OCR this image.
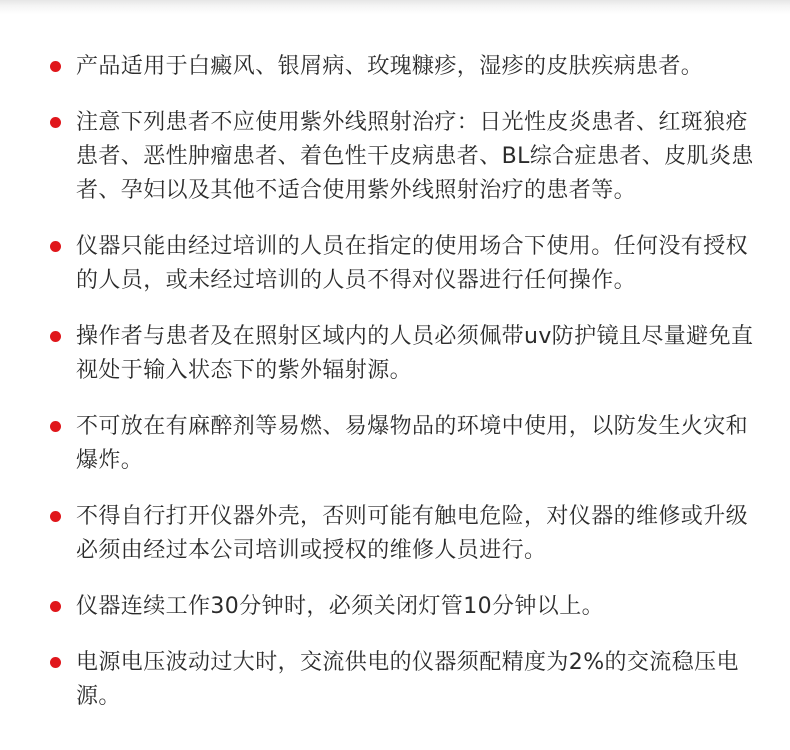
产品适用于白癜风、银屑病、玫瑰糠疹，湿疹的皮肤疾病患者。
注意下列患者不应使用紫外线照射治疗：日光性皮炎患者、红斑狼疮患者、恶性肿瘤患者、着色性干皮病患者、BL综合症患者、皮肌炎患者、孕妇以及其他不适合使用紫外线照射治疗的患者等。
仪器只能由经过培训的人员在指定的使用场合下使用。任何没有授权的人员，或未经过培训的人员不得对仪器进行任何操作。
操作者与患者及在照射区域内的人员必须佩带uv防护镜且尽量避免直视处于输入状态下的紫外辐射源。
不可放在有麻醉剂等易燃、易爆物品的环境中使用，以防发生火灾和爆炸。
不得自行打开仪器外壳，否则可能有触电危险，对仪器的维修或升级必须由经过本公司培训或授权的维修人员进行。
仪器连续工作30分钟时，必须关闭灯管10分钟以上。
电源电压波动过大时，交流供电的仪器须配精度为2%的交流稳压电源。
